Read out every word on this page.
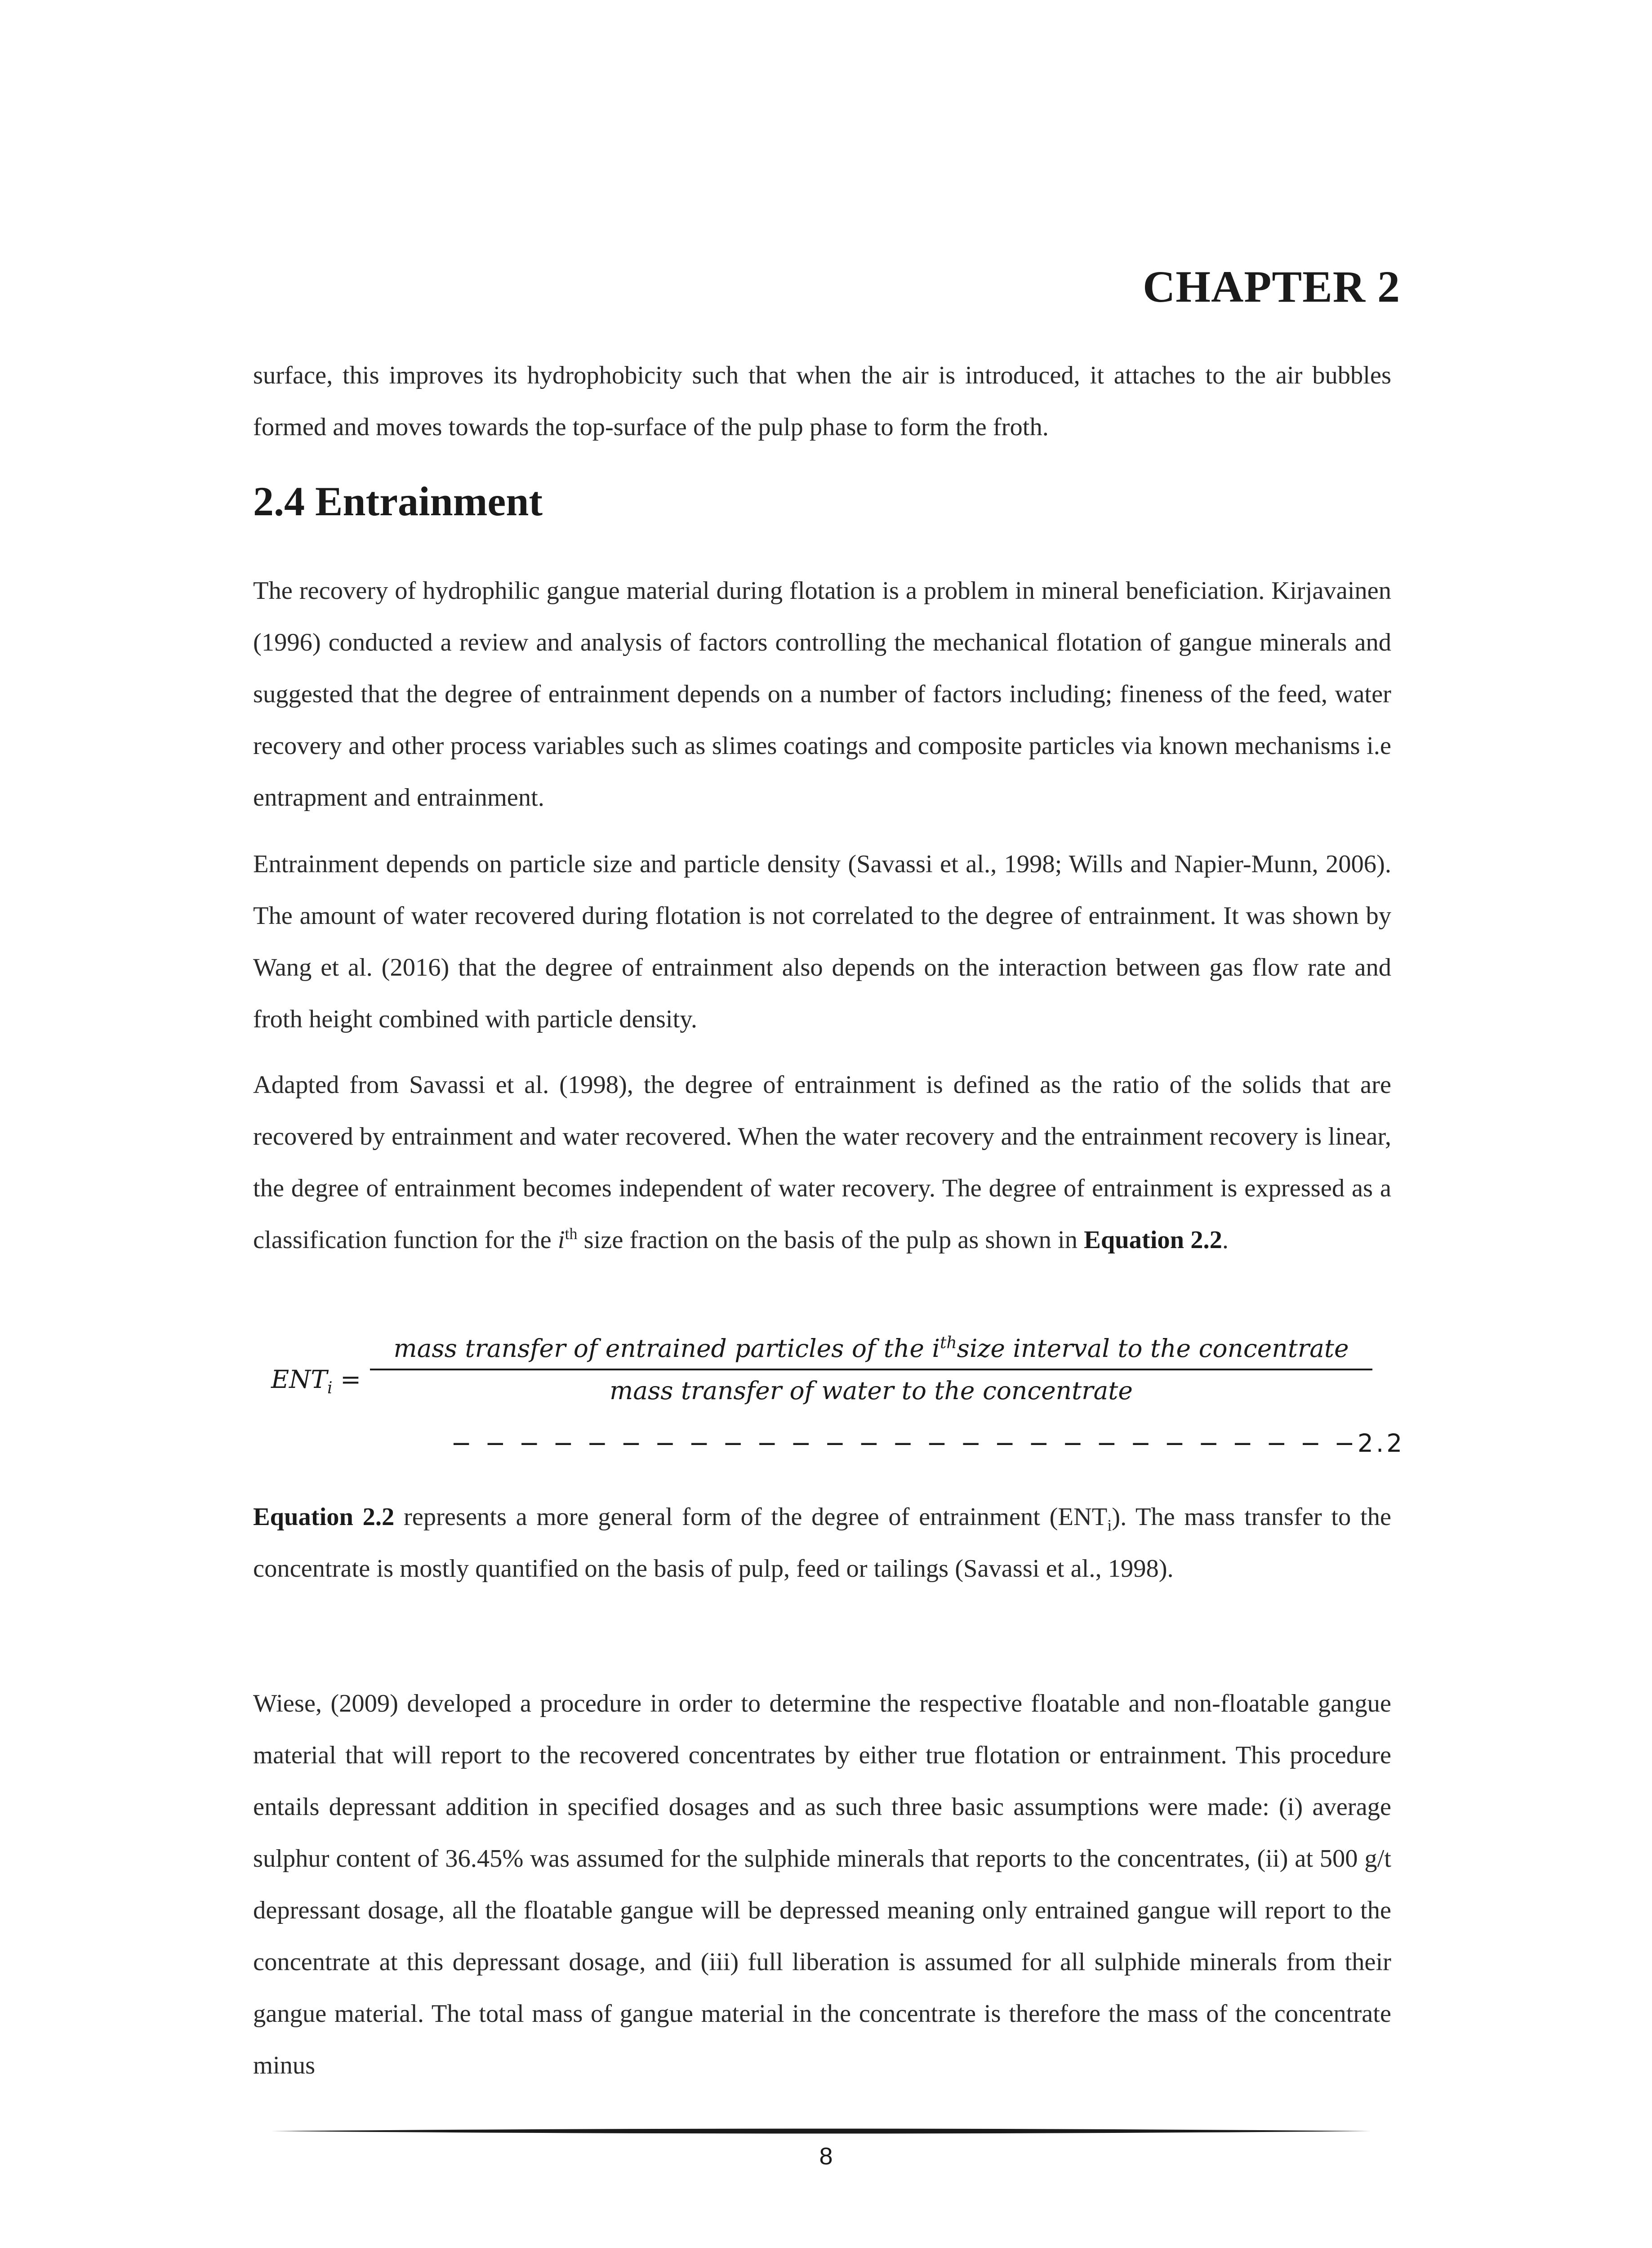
CHAPTER 2
surface, this improves its hydrophobicity such that when the air is introduced, it attaches to the air bubbles formed and moves towards the top-surface of the pulp phase to form the froth.
2.4 Entrainment
The recovery of hydrophilic gangue material during flotation is a problem in mineral beneficiation. Kirjavainen (1996) conducted a review and analysis of factors controlling the mechanical flotation of gangue minerals and suggested that the degree of entrainment depends on a number of factors including; fineness of the feed, water recovery and other process variables such as slimes coatings and composite particles via known mechanisms i.e entrapment and entrainment.
Entrainment depends on particle size and particle density (Savassi et al., 1998; Wills and Napier-Munn, 2006). The amount of water recovered during flotation is not correlated to the degree of entrainment. It was shown by Wang et al. (2016) that the degree of entrainment also depends on the interaction between gas flow rate and froth height combined with particle density.
Adapted from Savassi et al. (1998), the degree of entrainment is defined as the ratio of the solids that are recovered by entrainment and water recovered. When the water recovery and the entrainment recovery is linear, the degree of entrainment becomes independent of water recovery. The degree of entrainment is expressed as a classification function for the $i^{th}$ size fraction on the basis of the pulp as shown in Equation 2.2.
$ENT_i$ =
mass transfer of entrained particles of the $i^{th}size$ interval to the concentrate
mass transfer of water to the concentrate
− − − − − − − − − − − − − − − − − − − − − − − − − − −2.2
Equation 2.2 represents a more general form of the degree of entrainment $(ENT_i)$. The mass transfer to the concentrate is mostly quantified on the basis of pulp, feed or tailings (Savassi et al., 1998).
Wiese, (2009) developed a procedure in order to determine the respective floatable and non-floatable gangue material that will report to the recovered concentrates by either true flotation or entrainment. This procedure entails depressant addition in specified dosages and as such three basic assumptions were made: (i) average sulphur content of 36.45% was assumed for the sulphide minerals that reports to the concentrates, (ii) at 500 g/t depressant dosage, all the floatable gangue will be depressed meaning only entrained gangue will report to the concentrate at this depressant dosage, and (iii) full liberation is assumed for all sulphide minerals from their gangue material. The total mass of gangue material in the concentrate is therefore the mass of the concentrate minus
8
